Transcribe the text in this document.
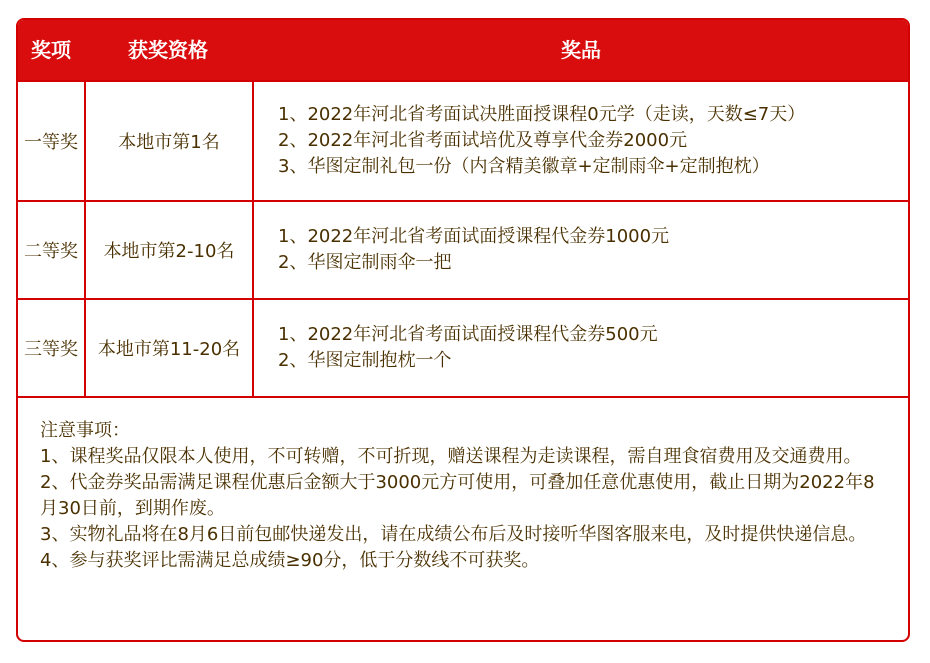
奖项	获奖资格	奖品
一等奖	本地市第1名
1、2022年河北省考面试决胜面授课程0元学（走读，天数≤7天）
2、2022年河北省考面试培优及尊享代金券2000元
3、华图定制礼包一份（内含精美徽章+定制雨伞+定制抱枕）
二等奖	本地市第2-10名
1、2022年河北省考面试面授课程代金券1000元
2、华图定制雨伞一把
三等奖	本地市第11-20名
1、2022年河北省考面试面授课程代金券500元
2、华图定制抱枕一个
注意事项：
1、课程奖品仅限本人使用，不可转赠，不可折现，赠送课程为走读课程，需自理食宿费用及交通费用。
2、代金券奖品需满足课程优惠后金额大于3000元方可使用，可叠加任意优惠使用，截止日期为2022年8月30日前，到期作废。
3、实物礼品将在8月6日前包邮快递发出，请在成绩公布后及时接听华图客服来电，及时提供快递信息。
4、参与获奖评比需满足总成绩≥90分，低于分数线不可获奖。
